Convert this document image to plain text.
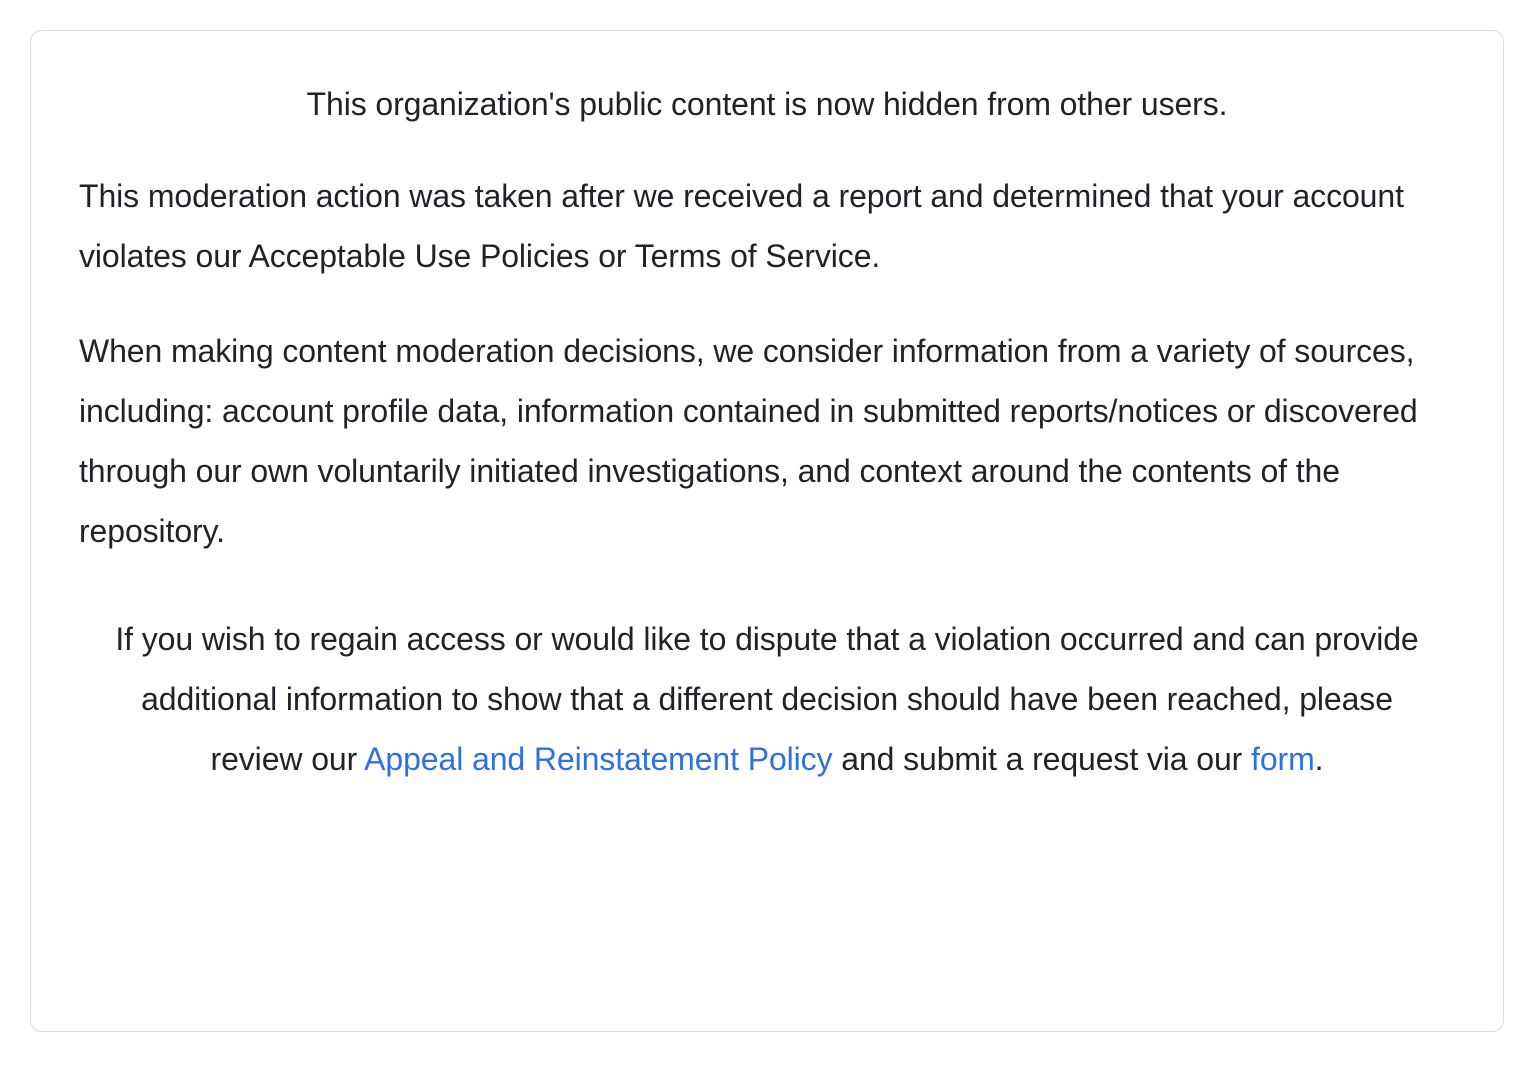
This organization's public content is now hidden from other users.

This moderation action was taken after we received a report and determined that your account violates our Acceptable Use Policies or Terms of Service.

When making content moderation decisions, we consider information from a variety of sources, including: account profile data, information contained in submitted reports/notices or discovered through our own voluntarily initiated investigations, and context around the contents of the repository.

If you wish to regain access or would like to dispute that a violation occurred and can provide additional information to show that a different decision should have been reached, please review our Appeal and Reinstatement Policy and submit a request via our form.
